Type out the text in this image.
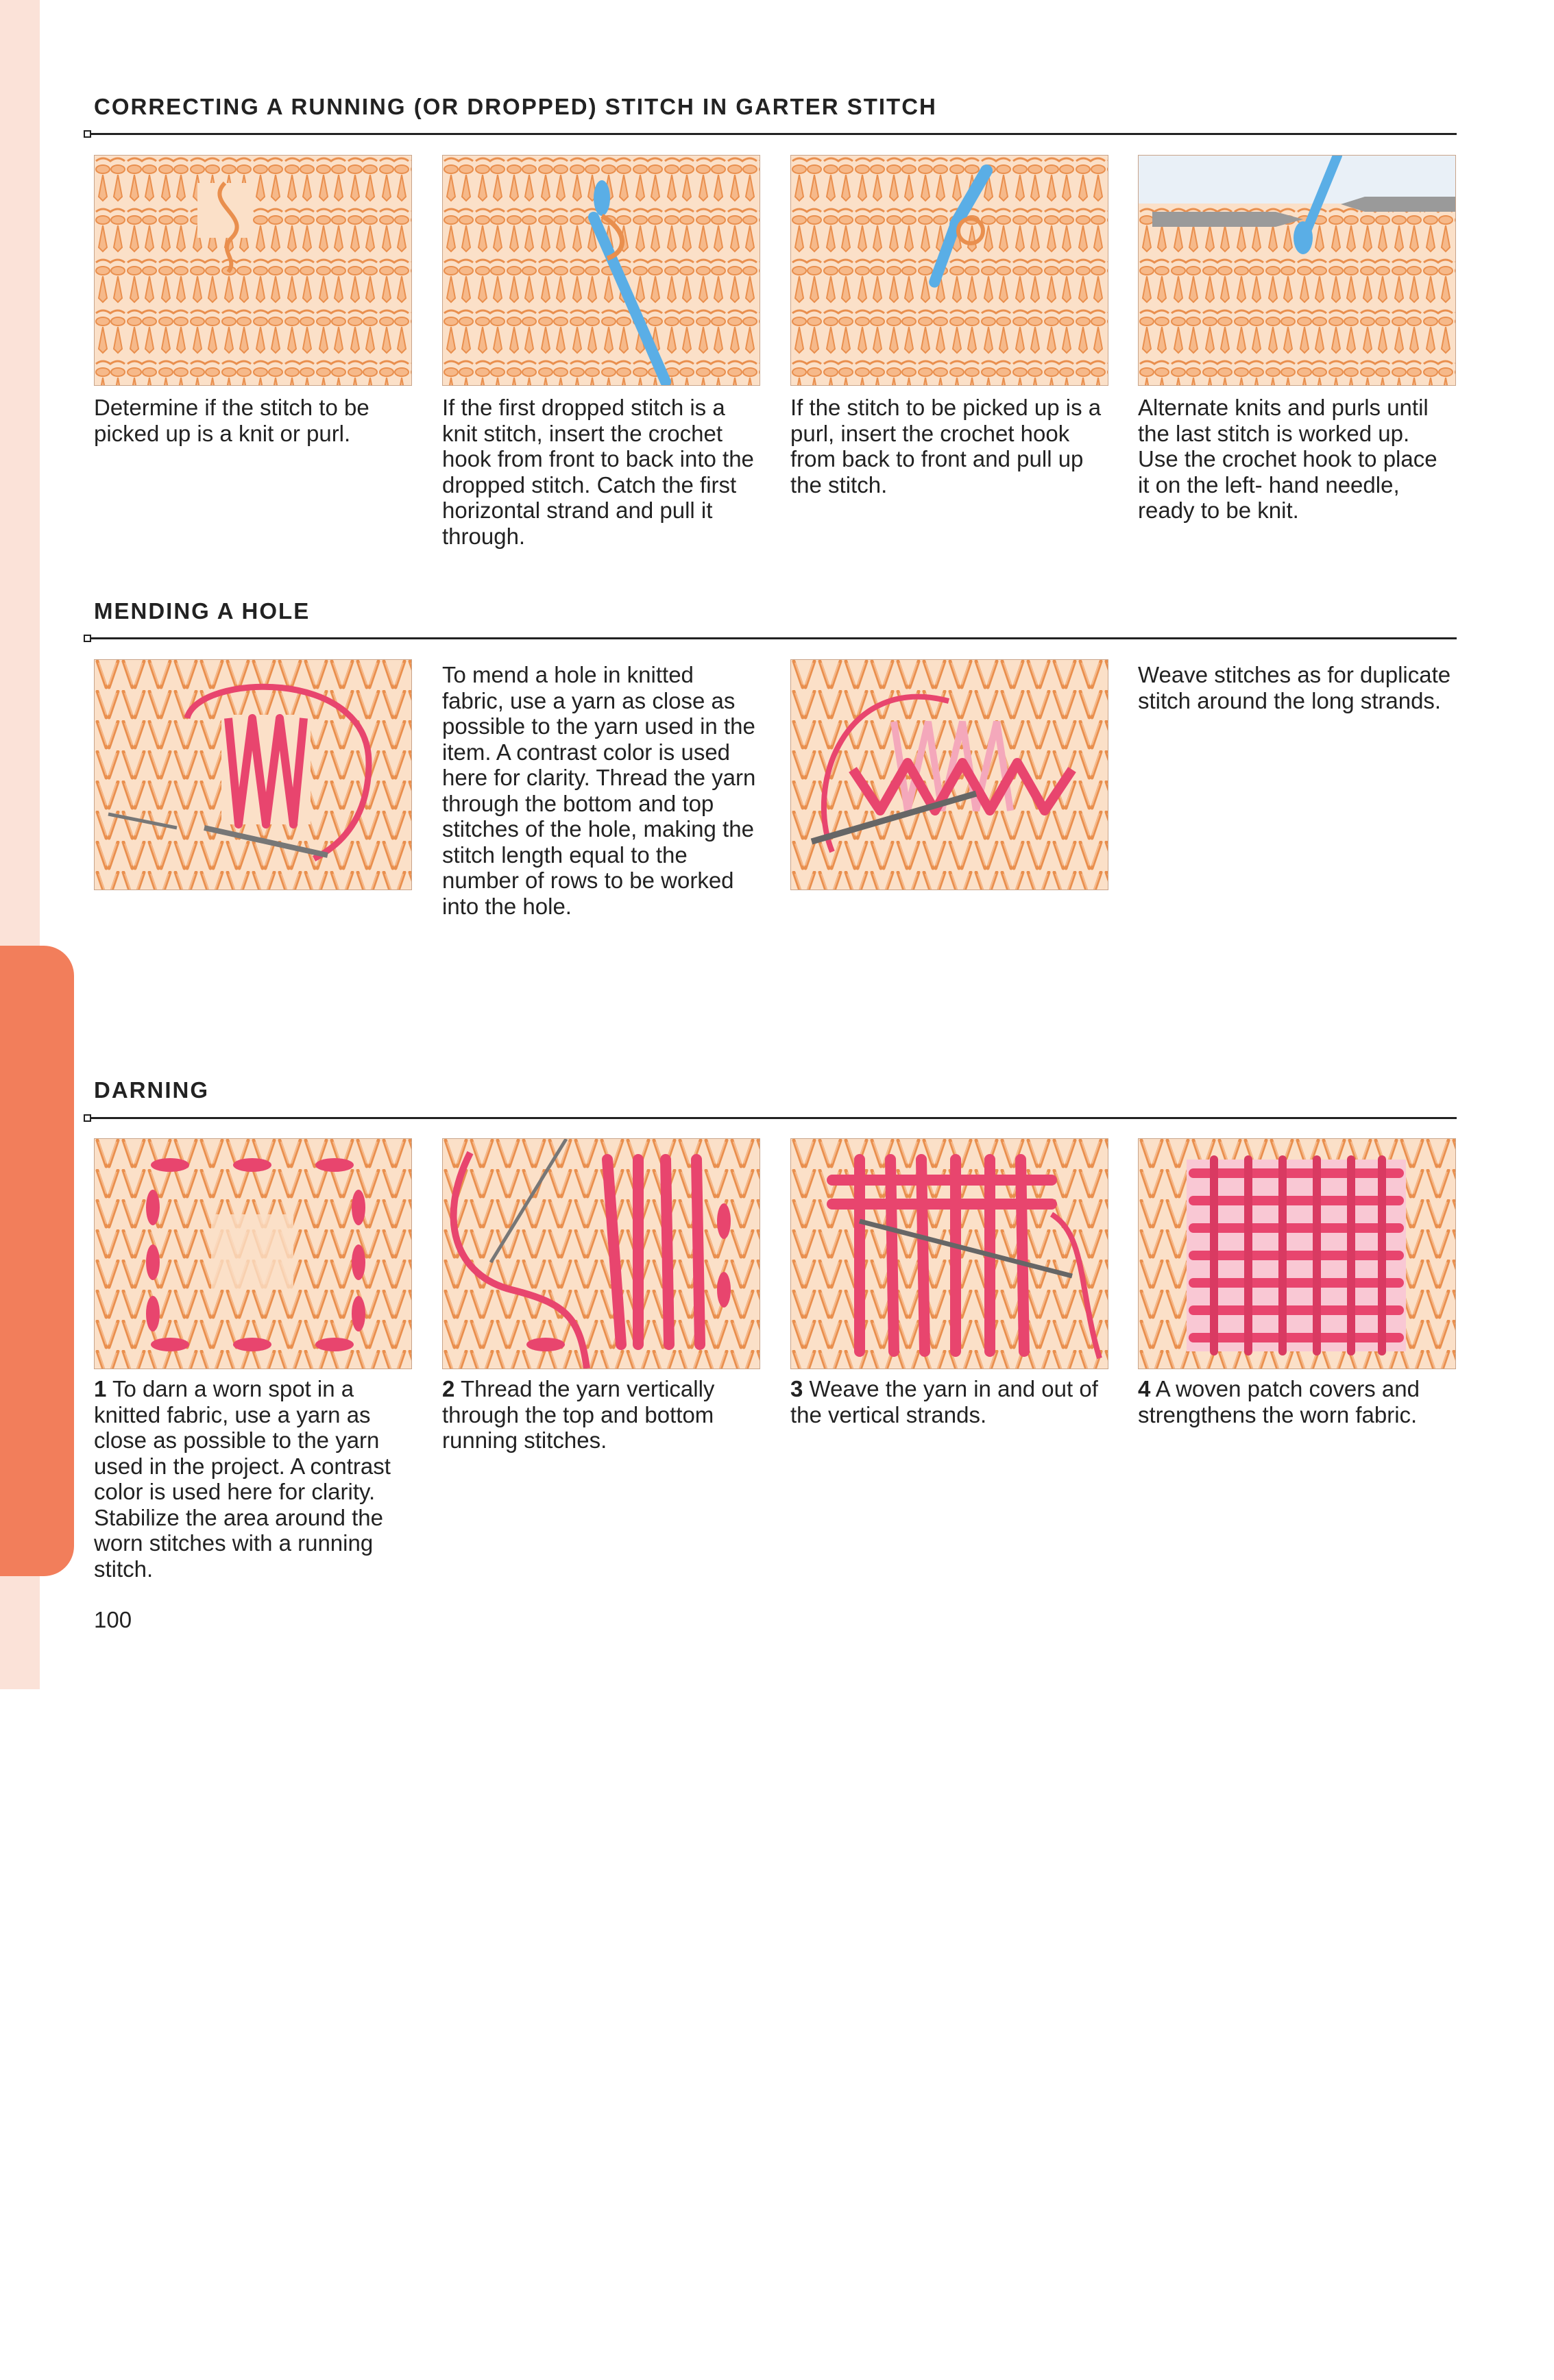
4 CORRECTING ERRORS
CORRECTING A RUNNING (OR DROPPED) STITCH IN GARTER STITCH
Determine if the stitch to be picked up is a knit or purl.
If the first dropped stitch is a knit stitch, insert the crochet hook from front to back into the dropped stitch. Catch the first horizontal strand and pull it through.
If the stitch to be picked up is a purl, insert the crochet hook from back to front and pull up the stitch.
Alternate knits and purls until the last stitch is worked up. Use the crochet hook to place it on the left- hand needle, ready to be knit.
MENDING A HOLE
To mend a hole in knitted fabric, use a yarn as close as possible to the yarn used in the item. A contrast color is used here for clarity. Thread the yarn through the bottom and top stitches of the hole, making the stitch length equal to the number of rows to be worked into the hole.
Weave stitches as for duplicate stitch around the long strands.
DARNING
1 To darn a worn spot in a knitted fabric, use a yarn as close as possible to the yarn used in the project. A contrast color is used here for clarity. Stabilize the area around the worn stitches with a running stitch.
2 Thread the yarn vertically through the top and bottom running stitches.
3 Weave the yarn in and out of the vertical strands.
4 A woven patch covers and strengthens the worn fabric.
100
